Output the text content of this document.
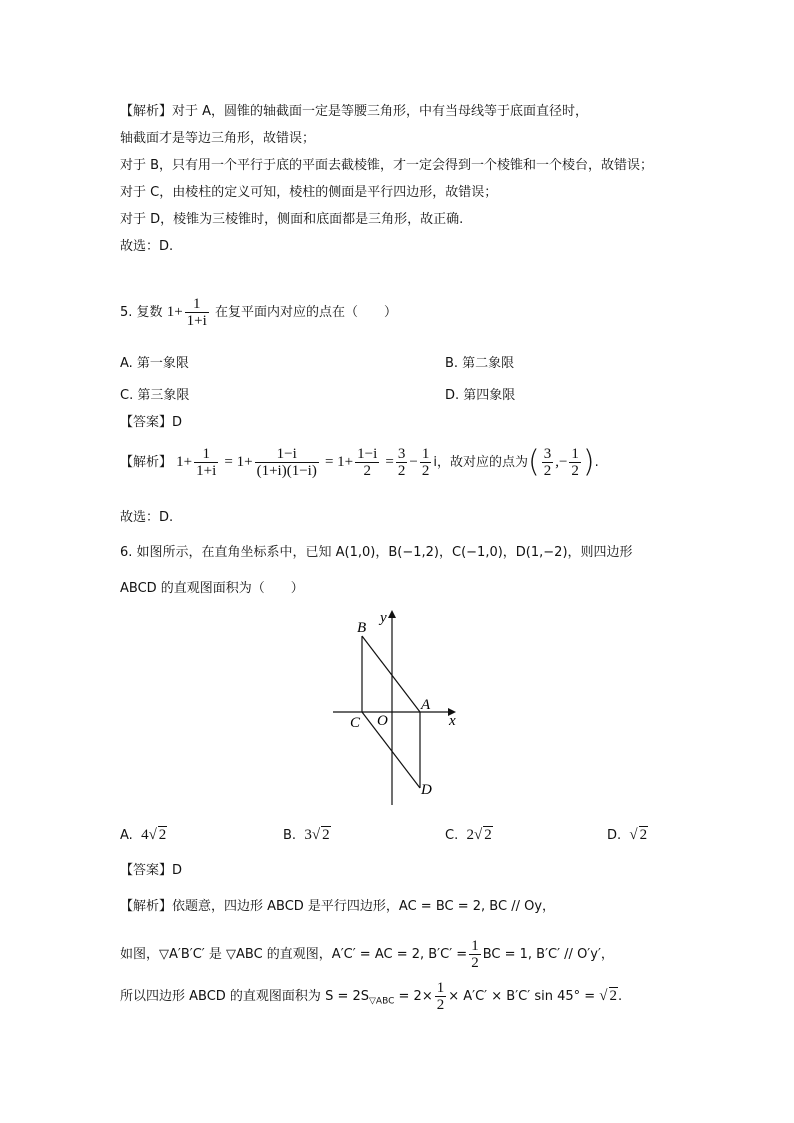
【解析】对于 A，圆锥的轴截面一定是等腰三角形，中有当母线等于底面直径时，
轴截面才是等边三角形，故错误；
对于 B，只有用一个平行于底的平面去截棱锥，才一定会得到一个棱锥和一个棱台，故错误；
对于 C，由棱柱的定义可知，棱柱的侧面是平行四边形，故错误；
对于 D，棱锥为三棱锥时，侧面和底面都是三角形，故正确.
故选：D.
5. 复数 $1+ \frac{1}{1+i}$ 在复平面内对应的点在（　　）
A. 第一象限	B. 第二象限
C. 第三象限	D. 第四象限
【答案】D
【解析】 $1+ \frac{1}{1+i} = 1+ \frac{1-i}{(1+i)(1-i)} = 1+ \frac{1-i}{2} = \frac{3}{2} - \frac{1}{2}$ i，故对应的点为( $\frac{3}{2}$ ,− $\frac{1}{2}$ ).
故选：D.
6. 如图所示，在直角坐标系中，已知 A(1,0)，B(−1,2)，C(−1,0)，D(1,−2)，则四边形
ABCD 的直观图面积为（　　）
y
B
A
C O	x
D
A. 4√ 2	B. 3√ 2	C. 2√ 2	D. √ 2
【答案】D
【解析】依题意，四边形 ABCD 是平行四边形，AC = BC = 2, BC // Oy，
如图，▽A′B′C′ 是 ▽ABC 的直观图，A′C′ = AC = 2, $B'C' = \frac{1}{2}$ BC = 1, B′C′ // O′y′，
所以四边形 ABCD 的直观图面积为 $S = 2S_{▽ABC} = 2\times \frac{1}{2} \times A'C' \times B'C'$ sin 45° = √ 2.
